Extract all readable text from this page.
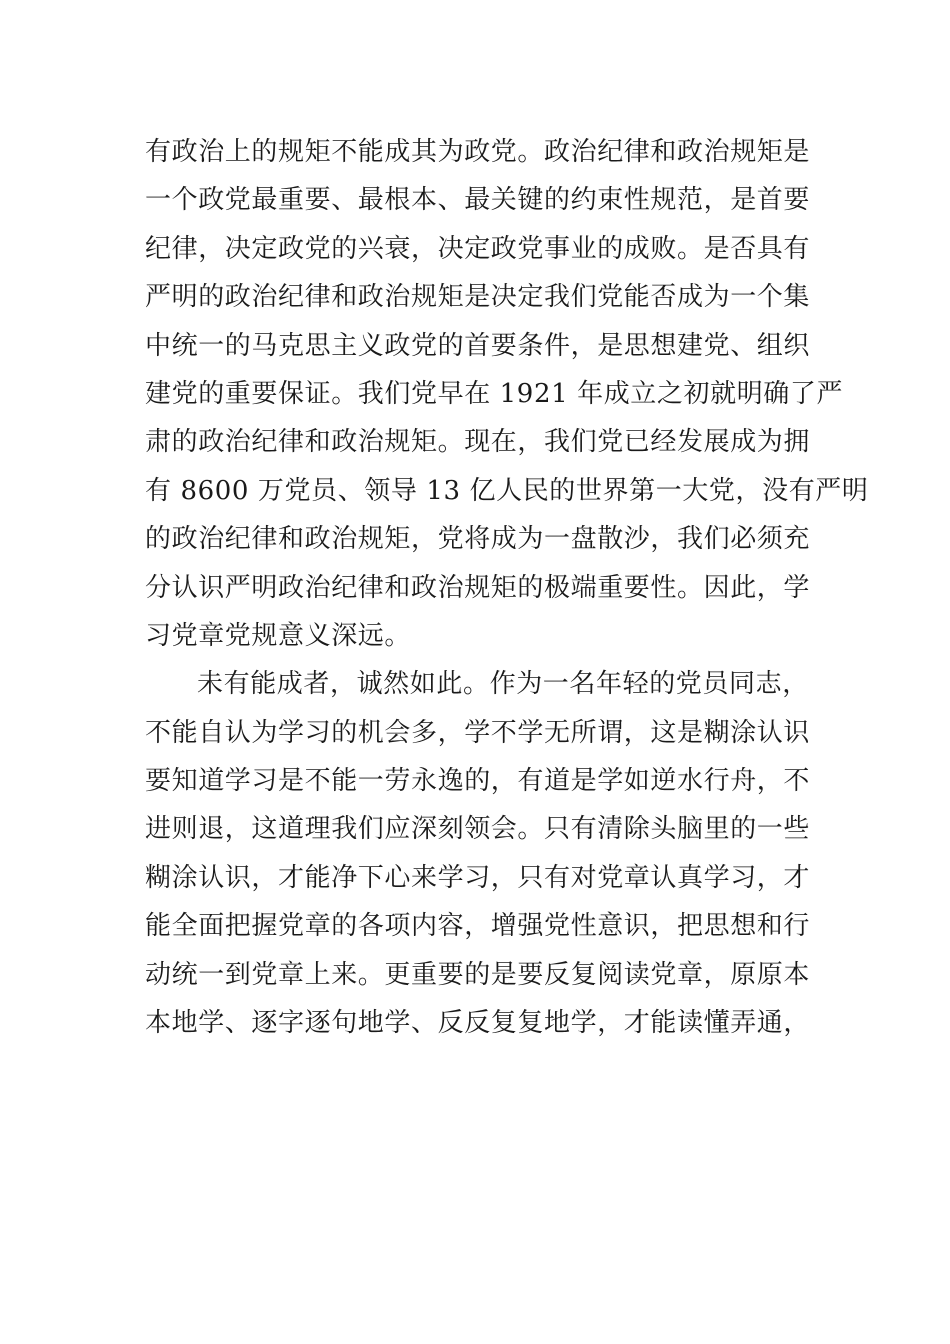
有政治上的规矩不能成其为政党。政治纪律和政治规矩是
一个政党最重要、最根本、最关键的约束性规范，是首要
纪律，决定政党的兴衰，决定政党事业的成败。是否具有
严明的政治纪律和政治规矩是决定我们党能否成为一个集
中统一的马克思主义政党的首要条件，是思想建党、组织
建党的重要保证。我们党早在 1921 年成立之初就明确了严
肃的政治纪律和政治规矩。现在，我们党已经发展成为拥
有 8600 万党员、领导 13 亿人民的世界第一大党，没有严明
的政治纪律和政治规矩，党将成为一盘散沙，我们必须充
分认识严明政治纪律和政治规矩的极端重要性。因此，学
习党章党规意义深远。
未有能成者，诚然如此。作为一名年轻的党员同志，
不能自认为学习的机会多，学不学无所谓，这是糊涂认识
要知道学习是不能一劳永逸的，有道是学如逆水行舟，不
进则退，这道理我们应深刻领会。只有清除头脑里的一些
糊涂认识，才能净下心来学习，只有对党章认真学习，才
能全面把握党章的各项内容，增强党性意识，把思想和行
动统一到党章上来。更重要的是要反复阅读党章，原原本
本地学、逐字逐句地学、反反复复地学，才能读懂弄通，
